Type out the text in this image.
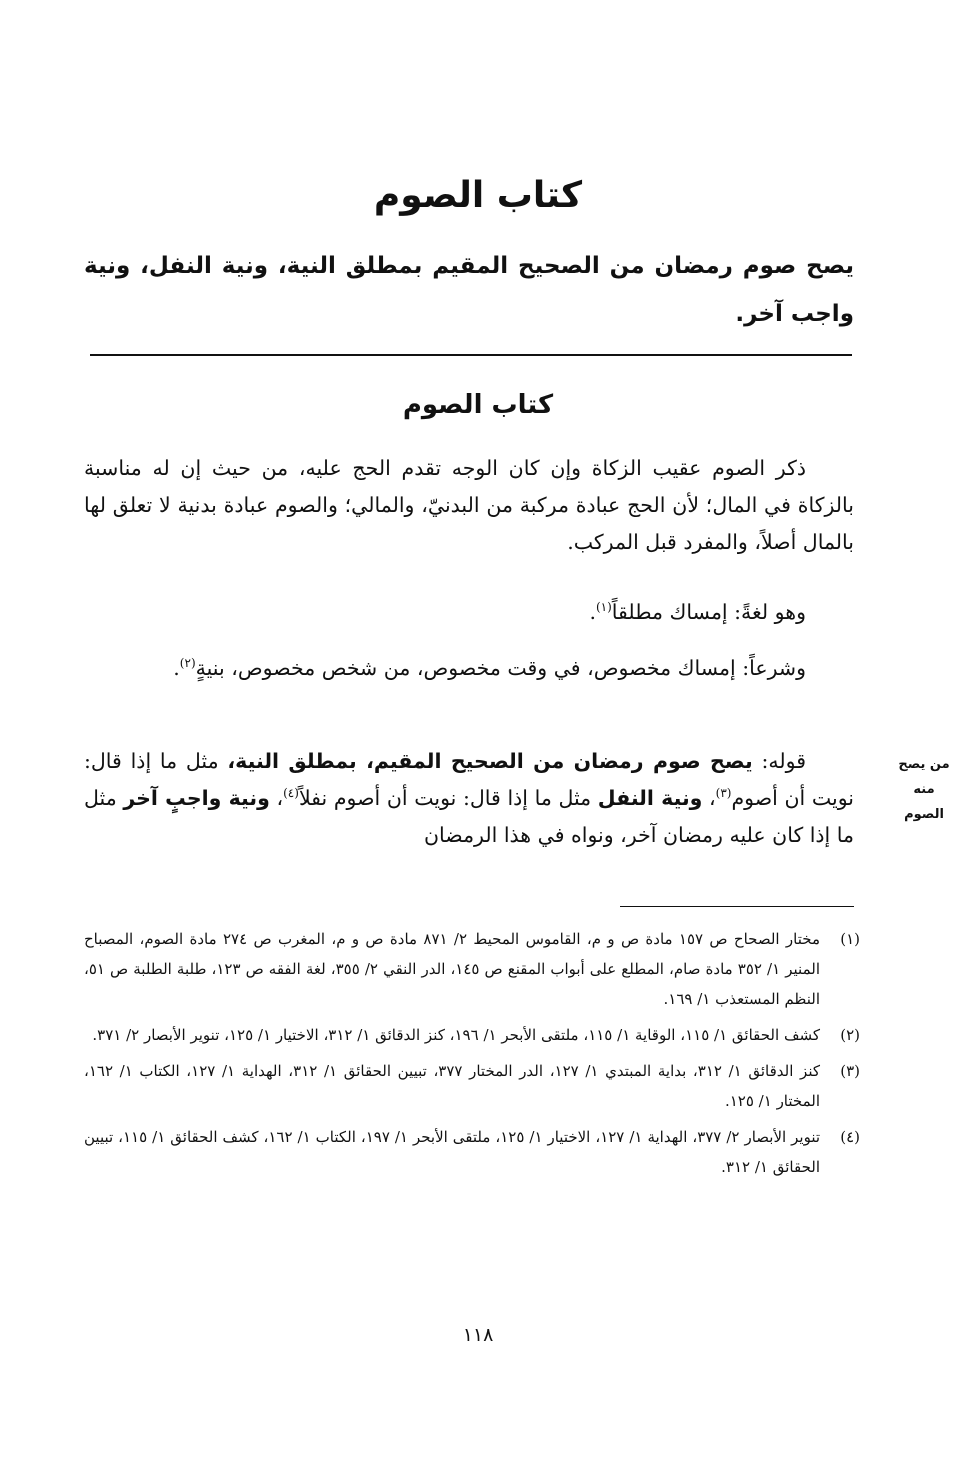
كتاب الصوم
يصح صوم رمضان من الصحيح المقيم بمطلق النية، ونية النفل، ونية واجب آخر.
كتاب الصوم
ذكر الصوم عقيب الزكاة وإن كان الوجه تقدم الحج عليه، من حيث إن له مناسبة بالزكاة في المال؛ لأن الحج عبادة مركبة من البدنيّ، والمالي؛ والصوم عبادة بدنية لا تعلق لها بالمال أصلاً، والمفرد قبل المركب.
وهو لغةً: إمساك مطلقاً$^{(١)}$.
وشرعاً: إمساك مخصوص، في وقت مخصوص، من شخص مخصوص، بنيةٍ$^{(٢)}$.
قوله: يصح صوم رمضان من الصحيح المقيم، بمطلق النية، مثل ما إذا قال: نويت أن أصوم$^{(٣)}$، ونية النفل مثل ما إذا قال: نويت أن أصوم نفلاً$^{(٤)}$، ونية واجبٍ آخر مثل ما إذا كان عليه رمضان آخر، ونواه في هذا الرمضان
من يصح
منه
الصوم
(١)
مختار الصحاح ص ١٥٧ مادة ص و م، القاموس المحيط ٢/ ٨٧١ مادة ص و م، المغرب ص ٢٧٤ مادة الصوم، المصباح المنير ١/ ٣٥٢ مادة صام، المطلع على أبواب المقنع ص ١٤٥، الدر النقي ٢/ ٣٥٥، لغة الفقه ص ١٢٣، طلبة الطلبة ص ٥١، النظم المستعذب ١/ ١٦٩.
(٢)
كشف الحقائق ١/ ١١٥، الوقاية ١/ ١١٥، ملتقى الأبحر ١/ ١٩٦، كنز الدقائق ١/ ٣١٢، الاختيار ١/ ١٢٥، تنوير الأبصار ٢/ ٣٧١.
(٣)
كنز الدقائق ١/ ٣١٢، بداية المبتدي ١/ ١٢٧، الدر المختار ٣٧٧، تبيين الحقائق ١/ ٣١٢، الهداية ١/ ١٢٧، الكتاب ١/ ١٦٢، المختار ١/ ١٢٥.
(٤)
تنوير الأبصار ٢/ ٣٧٧، الهداية ١/ ١٢٧، الاختيار ١/ ١٢٥، ملتقى الأبحر ١/ ١٩٧، الكتاب ١/ ١٦٢، كشف الحقائق ١/ ١١٥، تبيين الحقائق ١/ ٣١٢.
١١٨
